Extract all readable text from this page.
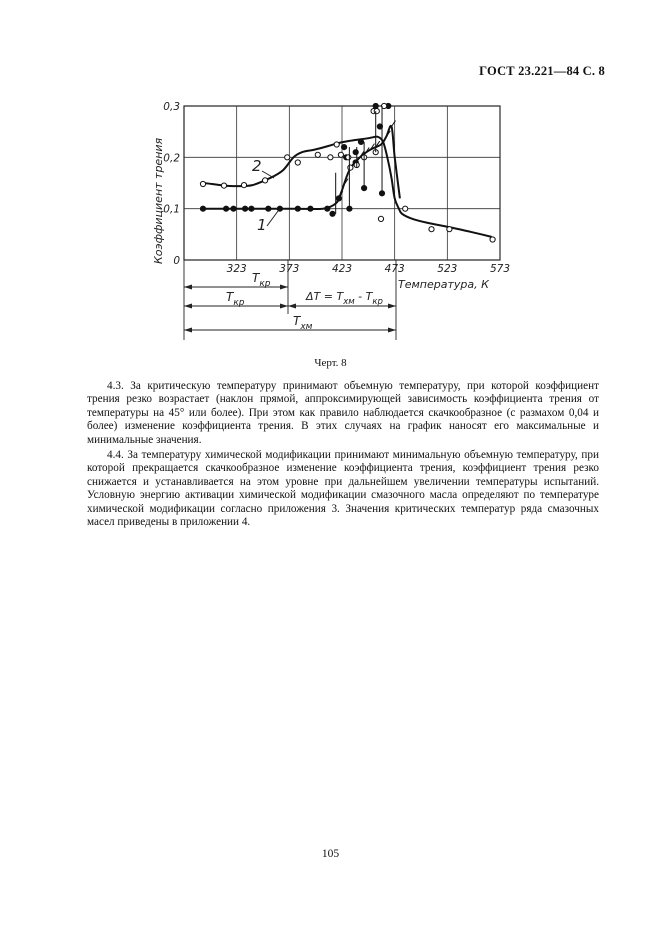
ГОСТ 23.221—84 С. 8
323	373	423	473	523	573
0
0,1
0,2
0,3
Коэффициент трения
Температура, К
$T_{кр}$
1
2
$T_{кр}$	$\Delta T = T_{хм} - T_{кр}$
$T_{хм}$
Черт. 8

4.3. За критическую температуру принимают объемную температуру, при которой коэффициент трения резко возрастает (наклон прямой, аппроксимирующей зависимость коэффициента трения от температуры на 45° или более). При этом как правило наблюдается скачкообразное (с размахом 0,04 и более) изменение коэффициента трения. В этих случаях на график наносят его максимальные и минимальные значения.

4.4. За температуру химической модификации принимают минимальную объемную температуру, при которой прекращается скачкообразное изменение коэффициента трения, коэффициент трения резко снижается и устанавливается на этом уровне при дальнейшем увеличении температуры испытаний. Условную энергию активации химической модификации смазочного масла определяют по температуре химической модификации согласно приложения 3. Значения критических температур ряда смазочных масел приведены в приложении 4.

105
